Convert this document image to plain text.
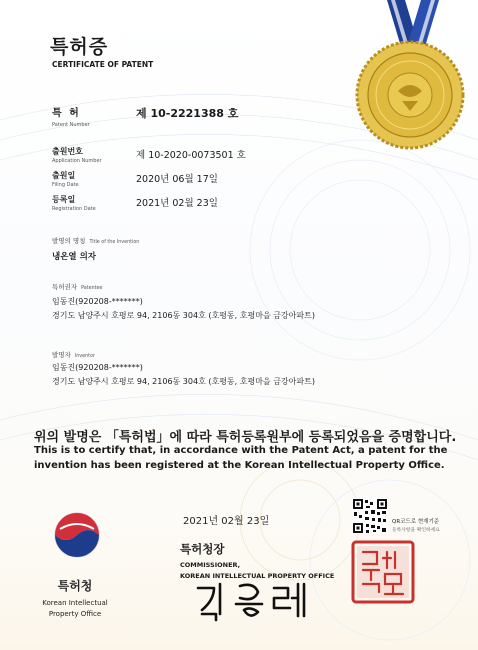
특허증
CERTIFICATE OF PATENT
특 허
Patent Number
제 10-2221388 호
출원번호
Application Number	제 10-2020-0073501 호
출원일
Filing Date	2020년 06월 17일
등록일
Registration Date	2021년 02월 23일
발명의 명칭 Title of the Invention
냉온열 의자
특허권자 Patentee
임동진(920208-*******)
경기도 남양주시 호평로 94, 2106동 304호 (호평동, 호평마을 금강아파트)
발명자 Inventor
임동진(920208-*******)
경기도 남양주시 호평로 94, 2106동 304호 (호평동, 호평마을 금강아파트)
위의 발명은 「특허법」에 따라 특허등록원부에 등록되었음을 증명합니다.
This is to certify that, in accordance with the Patent Act, a patent for the
invention has been registered at the Korean Intellectual Property Office.
특허청
Korean Intellectual
Property Office
2021년 02월 23일
특허청장
COMMISSIONER,
KOREAN INTELLECTUAL PROPERTY OFFICE
QR코드로 현재기준
등록사항을 확인하세요
